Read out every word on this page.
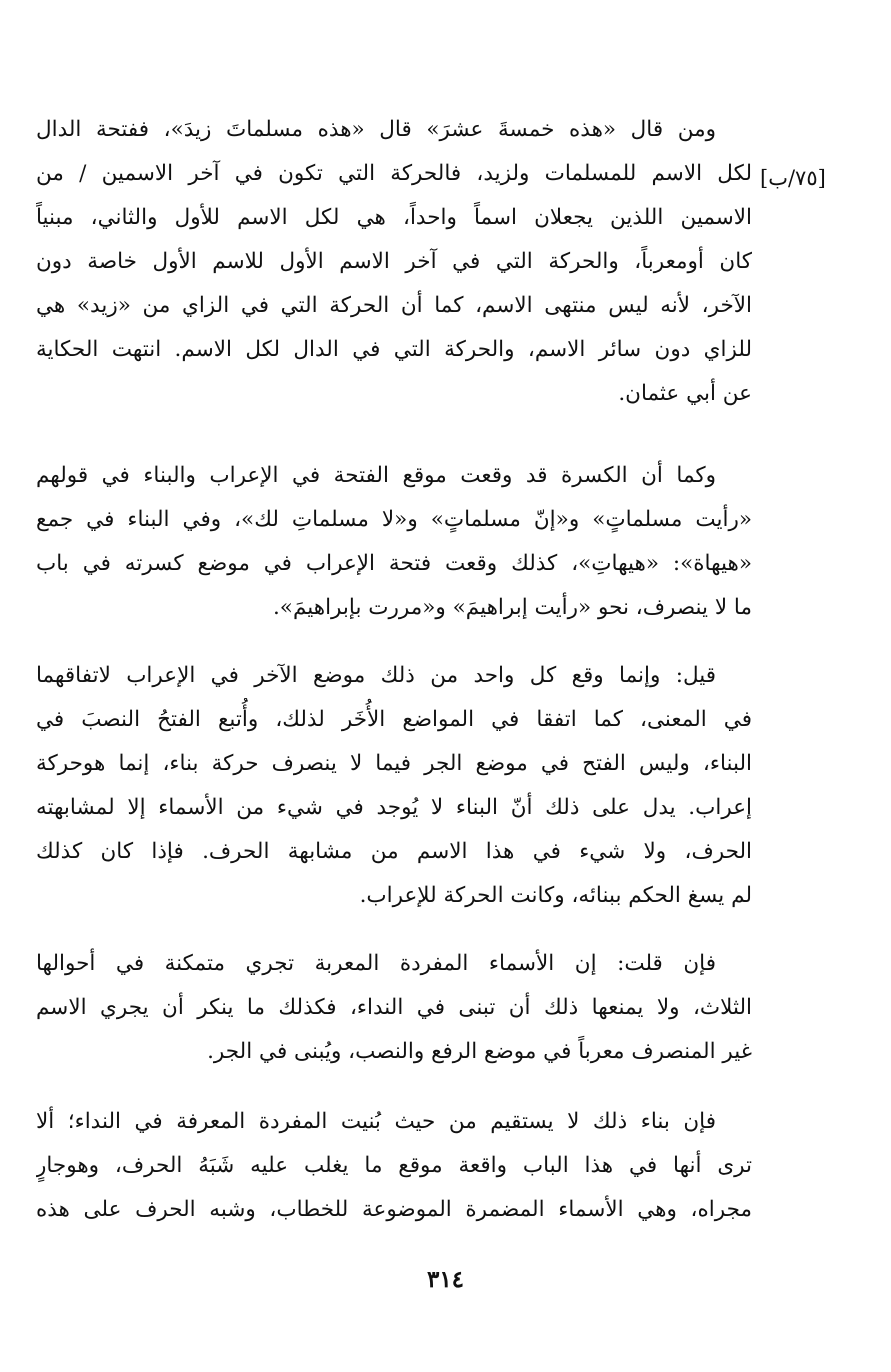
[٧٥/ب]
ومن قال «هذه خمسةَ عشرَ» قال «هذه مسلماتَ زيدَ»، ففتحة الدال
لكل الاسم للمسلمات ولزيد، فالحركة التي تكون في آخر الاسمين / من
الاسمين اللذين يجعلان اسماً واحداً، هي لكل الاسم للأول والثاني، مبنياً
كان أومعرباً، والحركة التي في آخر الاسم الأول للاسم الأول خاصة دون
الآخر، لأنه ليس منتهى الاسم، كما أن الحركة التي في الزاي من «زيد» هي
للزاي دون سائر الاسم، والحركة التي في الدال لكل الاسم. انتهت الحكاية
عن أبي عثمان.
وكما أن الكسرة قد وقعت موقع الفتحة في الإعراب والبناء في قولهم
«رأيت مسلماتٍ» و«إنّ مسلماتٍ» و«لا مسلماتِ لك»، وفي البناء في جمع
«هيهاة»: «هيهاتِ»، كذلك وقعت فتحة الإعراب في موضع كسرته في باب
ما لا ينصرف، نحو «رأيت إبراهيمَ» و«مررت بإبراهيمَ».
قيل: وإنما وقع كل واحد من ذلك موضع الآخر في الإعراب لاتفاقهما
في المعنى، كما اتفقا في المواضع الأُخَر لذلك، وأُتبع الفتحُ النصبَ في
البناء، وليس الفتح في موضع الجر فيما لا ينصرف حركة بناء، إنما هوحركة
إعراب. يدل على ذلك أنّ البناء لا يُوجد في شيء من الأسماء إلا لمشابهته
الحرف، ولا شيء في هذا الاسم من مشابهة الحرف. فإذا كان كذلك
لم يسغ الحكم ببنائه، وكانت الحركة للإعراب.
فإن قلت: إن الأسماء المفردة المعربة تجري متمكنة في أحوالها
الثلاث، ولا يمنعها ذلك أن تبنى في النداء، فكذلك ما ينكر أن يجري الاسم
غير المنصرف معرباً في موضع الرفع والنصب، ويُبنى في الجر.
فإن بناء ذلك لا يستقيم من حيث بُنيت المفردة المعرفة في النداء؛ ألا
ترى أنها في هذا الباب واقعة موقع ما يغلب عليه شَبَهُ الحرف، وهوجارٍ
مجراه، وهي الأسماء المضمرة الموضوعة للخطاب، وشبه الحرف على هذه
٣١٤
